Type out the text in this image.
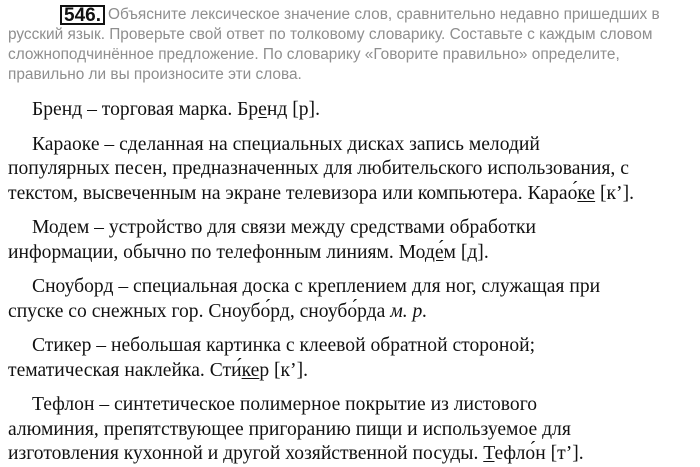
546. Объясните лексическое значение слов, сравнительно недавно пришедших в
русский язык. Проверьте свой ответ по толковому словарику. Составьте с каждым словом
сложноподчинённое предложение. По словарику «Говорите правильно» определите,
правильно ли вы произносите эти слова.
Бренд – торговая марка. Бренд [р].
Караоке – сделанная на специальных дисках запись мелодий
популярных песен, предназначенных для любительского использования, с
текстом, высвеченным на экране телевизора или компьютера. Карао́ке [к’].
Модем – устройство для связи между средствами обработки
информации, обычно по телефонным линиям. Моде́м [д].
Сноуборд – специальная доска с креплением для ног, служащая при
спуске со снежных гор. Сноубо́рд, сноубо́рда м. р.
Стикер – небольшая картинка с клеевой обратной стороной;
тематическая наклейка. Сти́кер [к’].
Тефлон – синтетическое полимерное покрытие из листового
алюминия, препятствующее пригоранию пищи и используемое для
изготовления кухонной и другой хозяйственной посуды. Тефло́н [т’].
